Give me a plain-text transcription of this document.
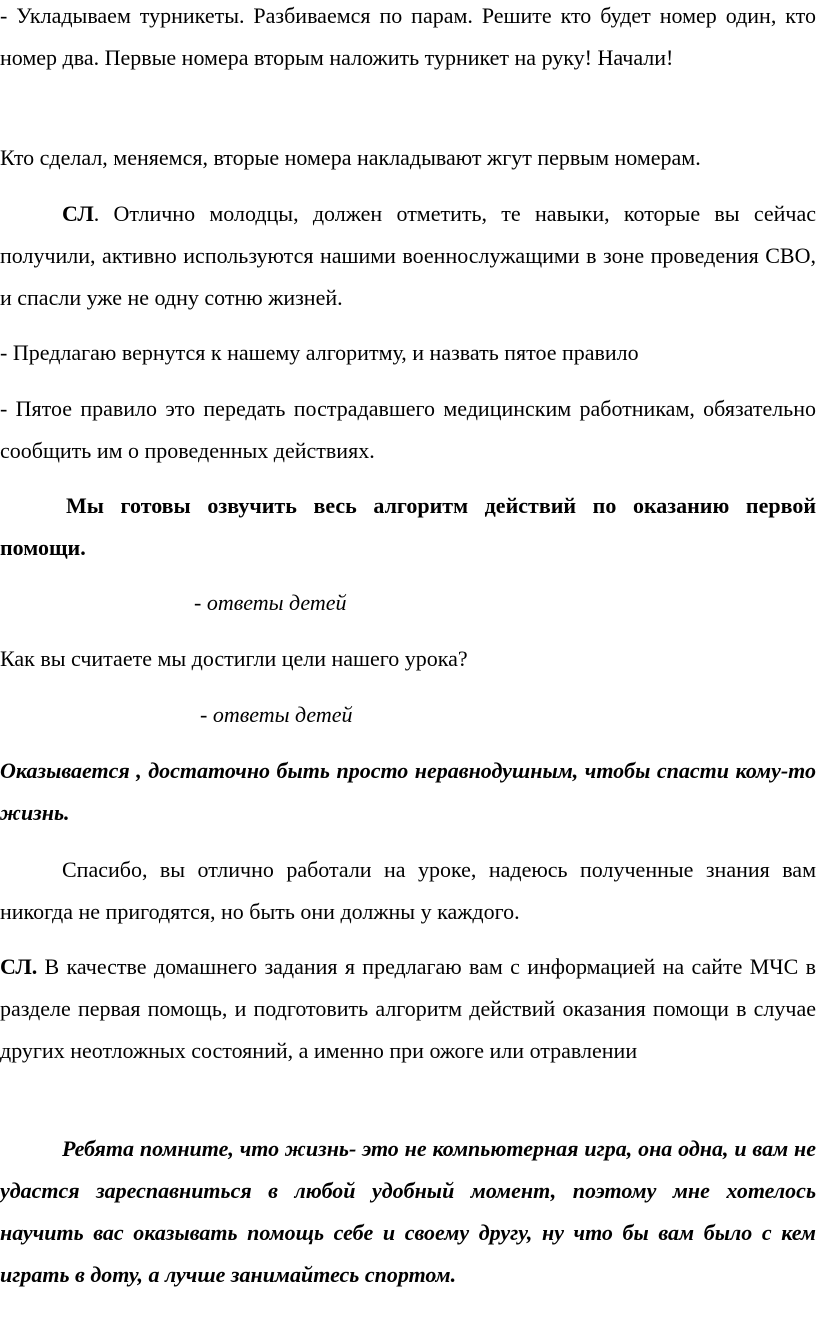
- Укладываем турникеты. Разбиваемся по парам. Решите кто будет номер один, кто номер два. Первые номера вторым наложить турникет на руку! Начали!

Кто сделал, меняемся, вторые номера накладывают жгут первым номерам.

СЛ. Отлично молодцы, должен отметить, те навыки, которые вы сейчас получили, активно используются нашими военнослужащими в зоне проведения СВО, и спасли уже не одну сотню жизней.

- Предлагаю вернутся к нашему алгоритму, и назвать пятое правило

- Пятое правило это передать пострадавшего медицинским работникам, обязательно сообщить им о проведенных действиях.

Мы готовы озвучить весь алгоритм действий по оказанию первой помощи.

- ответы детей

Как вы считаете мы достигли цели нашего урока?

- ответы детей

Оказывается , достаточно быть просто неравнодушным, чтобы спасти кому-то жизнь.

Спасибо, вы отлично работали на уроке, надеюсь полученные знания вам никогда не пригодятся, но быть они должны у каждого.

СЛ. В качестве домашнего задания я предлагаю вам с информацией на сайте МЧС в разделе первая помощь, и подготовить алгоритм действий оказания помощи в случае других неотложных состояний, а именно при ожоге или отравлении

Ребята помните, что жизнь- это не компьютерная игра, она одна, и вам не удастся зареспавниться в любой удобный момент, поэтому мне хотелось научить вас оказывать помощь себе и своему другу, ну что бы вам было с кем играть в доту, а лучше занимайтесь спортом.
